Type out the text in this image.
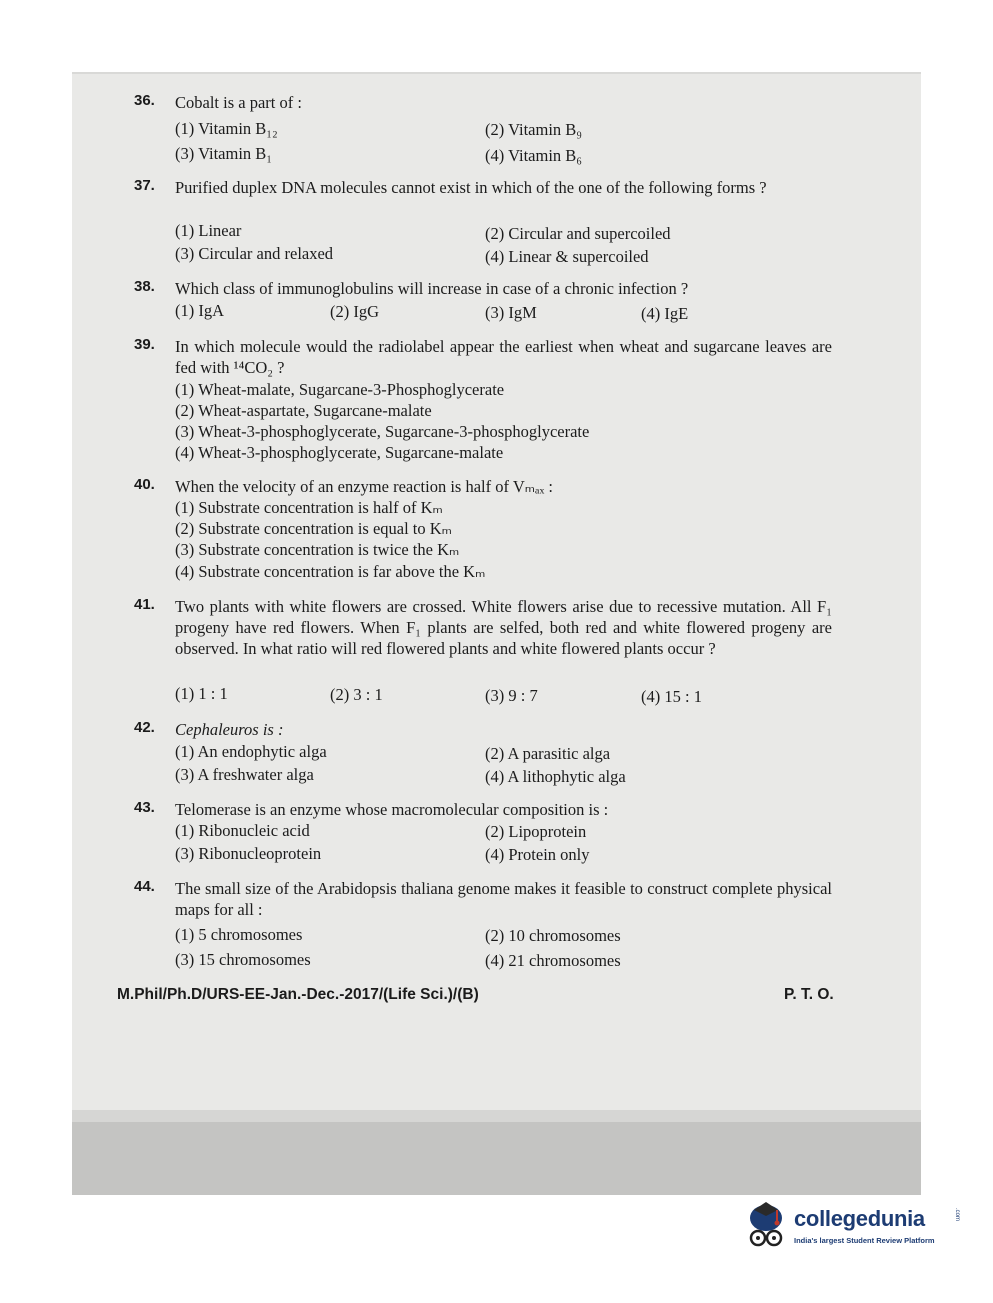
36. Cobalt is a part of :
(1) Vitamin B₁₂	(2) Vitamin B₉
(3) Vitamin B₁	(4) Vitamin B₆
37. Purified duplex DNA molecules cannot exist in which of the one of the following forms ?
(1) Linear	(2) Circular and supercoiled
(3) Circular and relaxed	(4) Linear & supercoiled
38. Which class of immunoglobulins will increase in case of a chronic infection ?
(1) IgA	(2) IgG	(3) IgM	(4) IgE
39. In which molecule would the radiolabel appear the earliest when wheat and sugarcane leaves are fed with ¹⁴CO₂ ?
(1) Wheat-malate, Sugarcane-3-Phosphoglycerate
(2) Wheat-aspartate, Sugarcane-malate
(3) Wheat-3-phosphoglycerate, Sugarcane-3-phosphoglycerate
(4) Wheat-3-phosphoglycerate, Sugarcane-malate
40. When the velocity of an enzyme reaction is half of Vₘₐₓ :
(1) Substrate concentration is half of Kₘ
(2) Substrate concentration is equal to Kₘ
(3) Substrate concentration is twice the Kₘ
(4) Substrate concentration is far above the Kₘ
41. Two plants with white flowers are crossed. White flowers arise due to recessive mutation. All F₁ progeny have red flowers. When F₁ plants are selfed, both red and white flowered progeny are observed. In what ratio will red flowered plants and white flowered plants occur ?
(1) 1 : 1	(2) 3 : 1	(3) 9 : 7	(4) 15 : 1
42. Cephaleuros is :
(1) An endophytic alga	(2) A parasitic alga
(3) A freshwater alga	(4) A lithophytic alga
43. Telomerase is an enzyme whose macromolecular composition is :
(1) Ribonucleic acid	(2) Lipoprotein
(3) Ribonucleoprotein	(4) Protein only
44. The small size of the Arabidopsis thaliana genome makes it feasible to construct complete physical maps for all :
(1) 5 chromosomes	(2) 10 chromosomes
(3) 15 chromosomes	(4) 21 chromosomes
M.Phil/Ph.D/URS-EE-Jan.-Dec.-2017/(Life Sci.)/(B)	P. T. O.
collegedunia	.com
India's largest Student Review Platform
